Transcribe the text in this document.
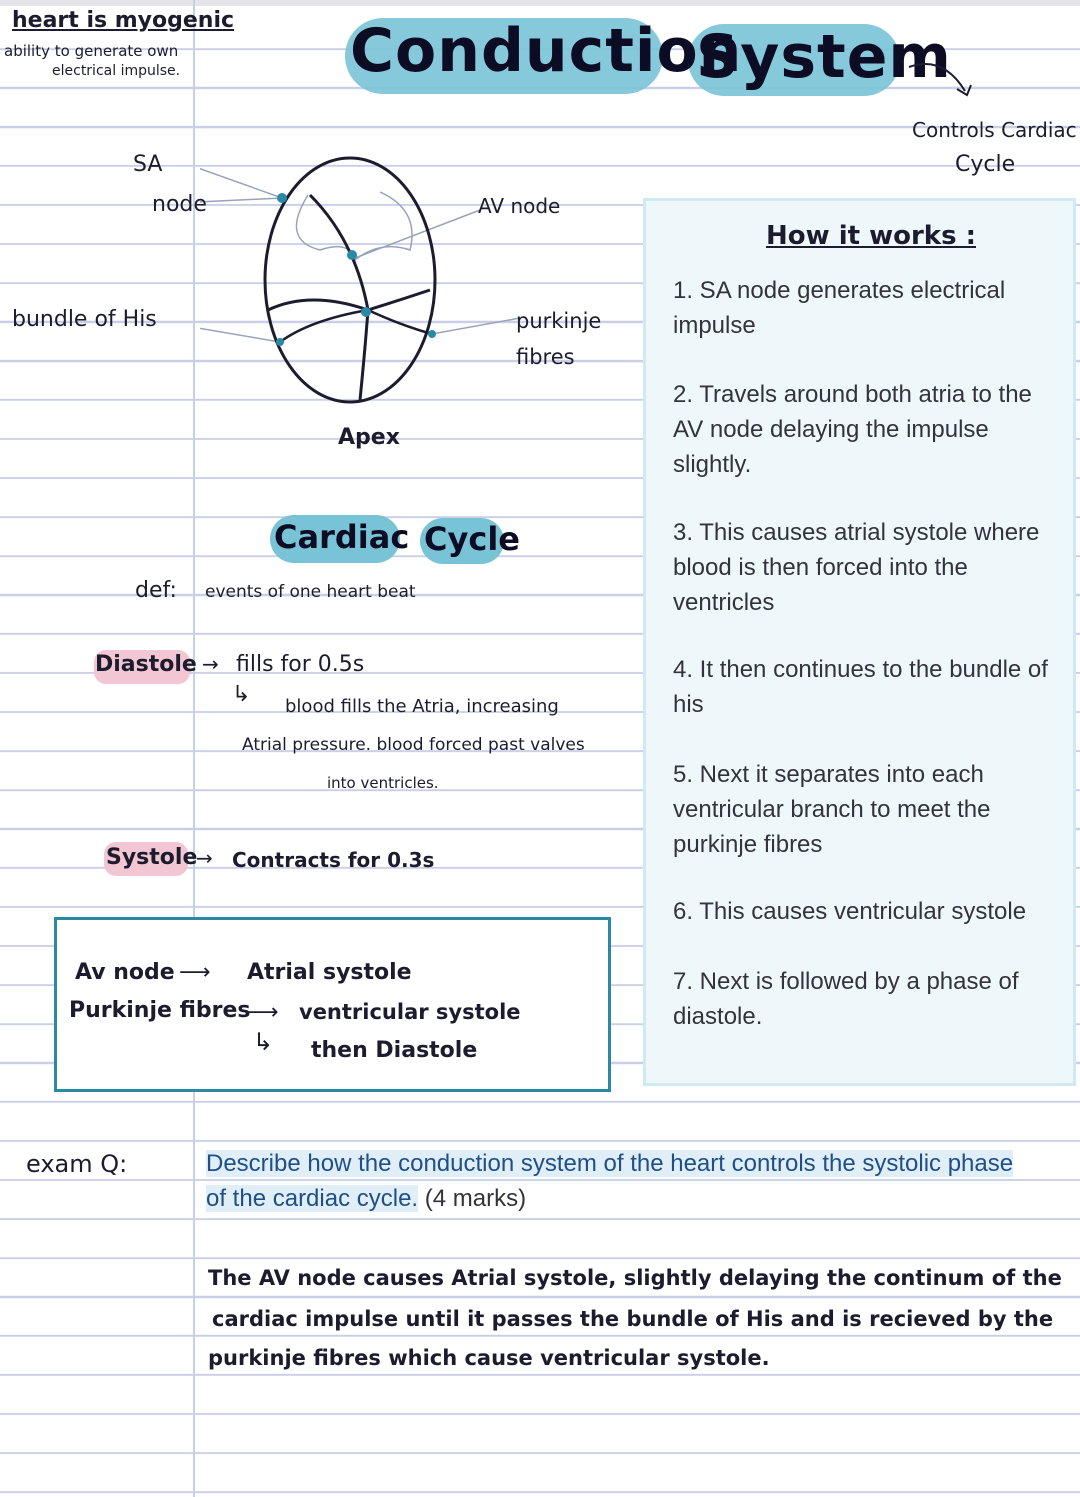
heart is myogenic
ability to generate own
electrical impulse.	Conduction
System
Controls Cardiac
Cycle
SA
node	AV node
bundle of His	purkinje
fibres
Apex
How it works :
1. SA node generates electrical impulse
2. Travels around both atria to the AV node delaying the impulse slightly.
3. This causes atrial systole where blood is then forced into the ventricles
4. It then continues to the bundle of his
5. Next it separates into each ventricular branch to meet the purkinje fibres
6. This causes ventricular systole
7. Next is followed by a phase of diastole.
Cardiac Cycle
def: events of one heart beat
Diastole → fills for 0.5s
↳ blood fills the Atria, increasing
Atrial pressure. blood forced past valves
into ventricles.
Systole
→ Contracts for 0.3s
Av node ⟶ Atrial systole
Purkinje fibres
⟶ ventricular systole
↳ then Diastole
exam Q:	Describe how the conduction system of the heart controls the systolic phase
of the cardiac cycle. (4 marks)
The AV node causes Atrial systole, slightly delaying the continum of the
cardiac impulse until it passes the bundle of His and is recieved by the
purkinje fibres which cause ventricular systole.
